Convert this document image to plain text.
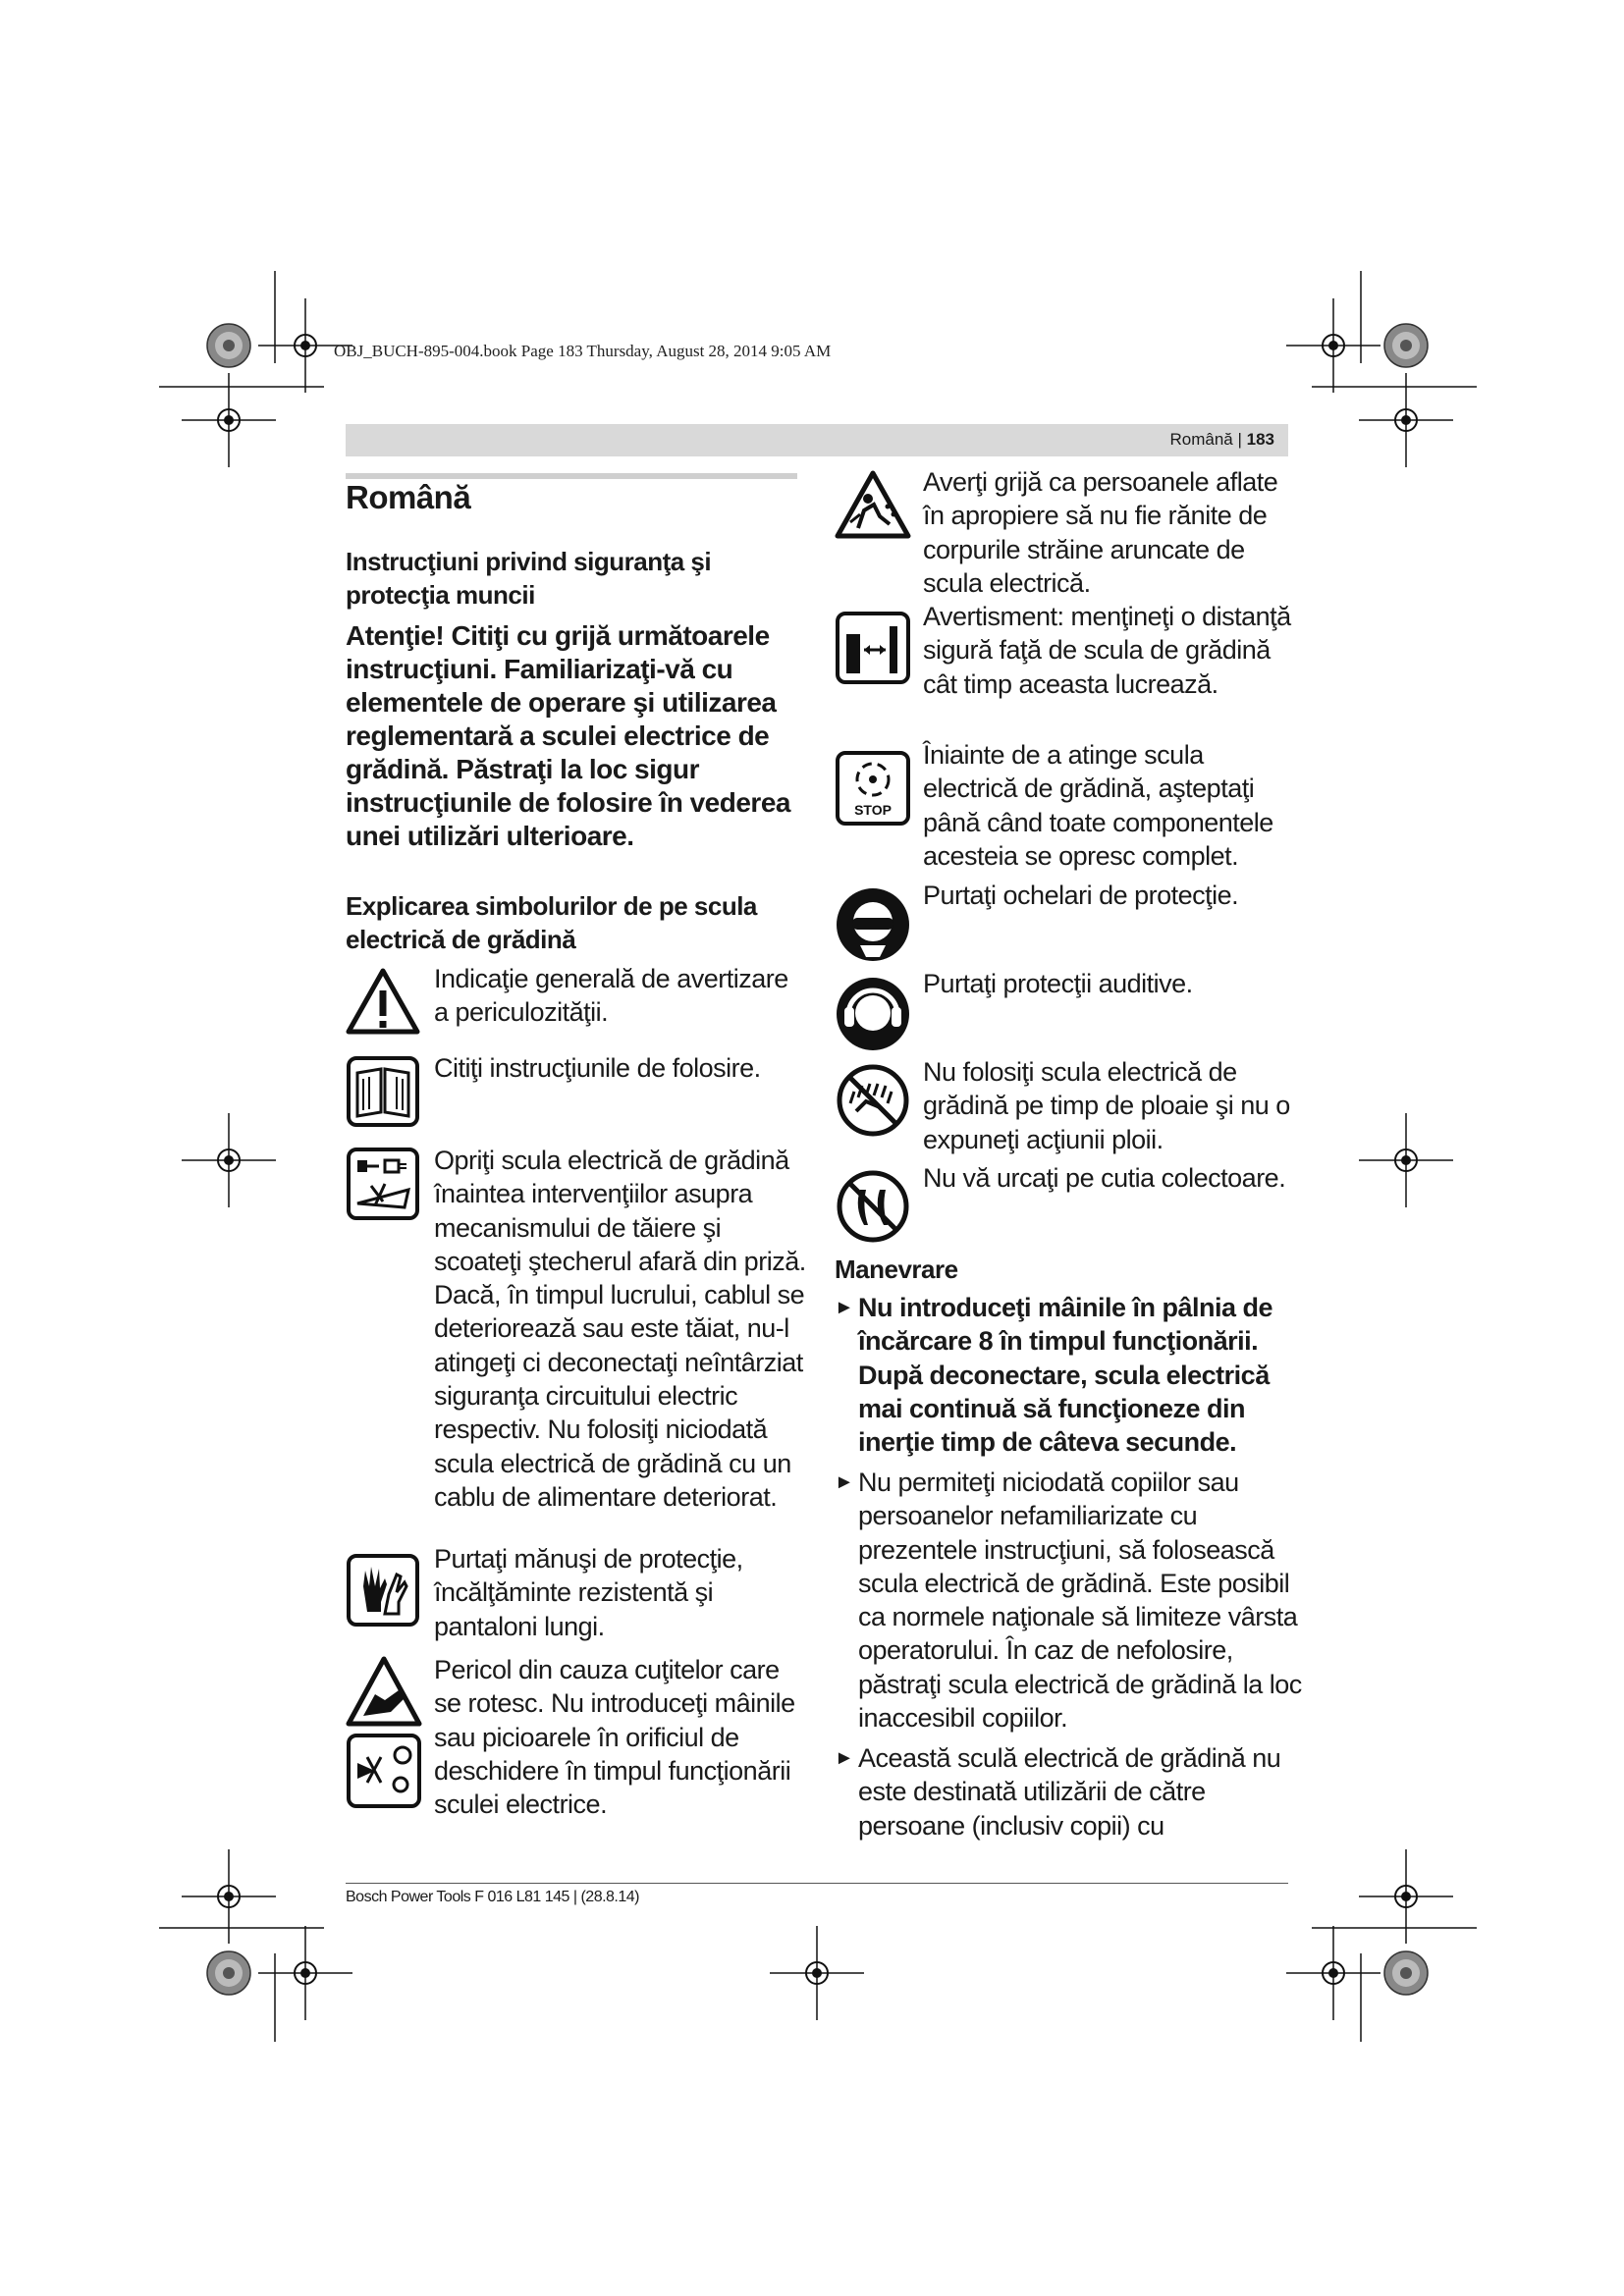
OBJ_BUCH-895-004.book Page 183 Thursday, August 28, 2014 9:05 AM
Română | 183
Română
Instrucţiuni privind siguranţa şi protecţia muncii
Atenţie! Citiţi cu grijă următoarele instrucţiuni. Familiarizaţi-vă cu elementele de operare şi utilizarea reglementară a sculei electrice de grădină. Păstraţi la loc sigur instrucţiunile de folosire în vederea unei utilizări ulterioare.
Explicarea simbolurilor de pe scula electrică de grădină
Indicaţie generală de avertizare a periculozităţii.
Citiţi instrucţiunile de folosire.
Opriţi scula electrică de grădină înaintea intervenţiilor asupra mecanismului de tăiere şi scoateţi ştecherul afară din priză. Dacă, în timpul lucrului, cablul se deteriorează sau este tăiat, nu-l atingeţi ci deconectaţi neîntârziat siguranţa circuitului electric respectiv. Nu folosiţi niciodată scula electrică de grădină cu un cablu de alimentare deteriorat.
Purtaţi mănuşi de protecţie, încălţăminte rezistentă şi pantaloni lungi.
Pericol din cauza cuţitelor care se rotesc. Nu introduceţi mâinile sau picioarele în orificiul de deschidere în timpul funcţionării sculei electrice.
Averţi grijă ca persoanele aflate în apropiere să nu fie rănite de corpurile străine aruncate de scula electrică.
Avertisment: menţineţi o distanţă sigură faţă de scula de grădină cât timp aceasta lucrează.
STOP
Îniainte de a atinge scula electrică de grădină, aşteptaţi până când toate componentele acesteia se opresc complet.
Purtaţi ochelari de protecţie.
Purtaţi protecţii auditive.
Nu folosiţi scula electrică de grădină pe timp de ploaie şi nu o expuneţi acţiunii ploii.
Nu vă urcaţi pe cutia colectoare.
Manevrare
► Nu introduceţi mâinile în pâlnia de încărcare 8 în timpul funcţionării. După deconectare, scula electrică mai continuă să funcţioneze din inerţie timp de câteva secunde.
► Nu permiteţi niciodată copiilor sau persoanelor nefamiliarizate cu prezentele instrucţiuni, să folosească scula electrică de grădină. Este posibil ca normele naţionale să limiteze vârsta operatorului. În caz de nefolosire, păstraţi scula electrică de grădină la loc inaccesibil copiilor.
► Această sculă electrică de grădină nu este destinată utilizării de către persoane (inclusiv copii) cu
Bosch Power Tools F 016 L81 145 | (28.8.14)
